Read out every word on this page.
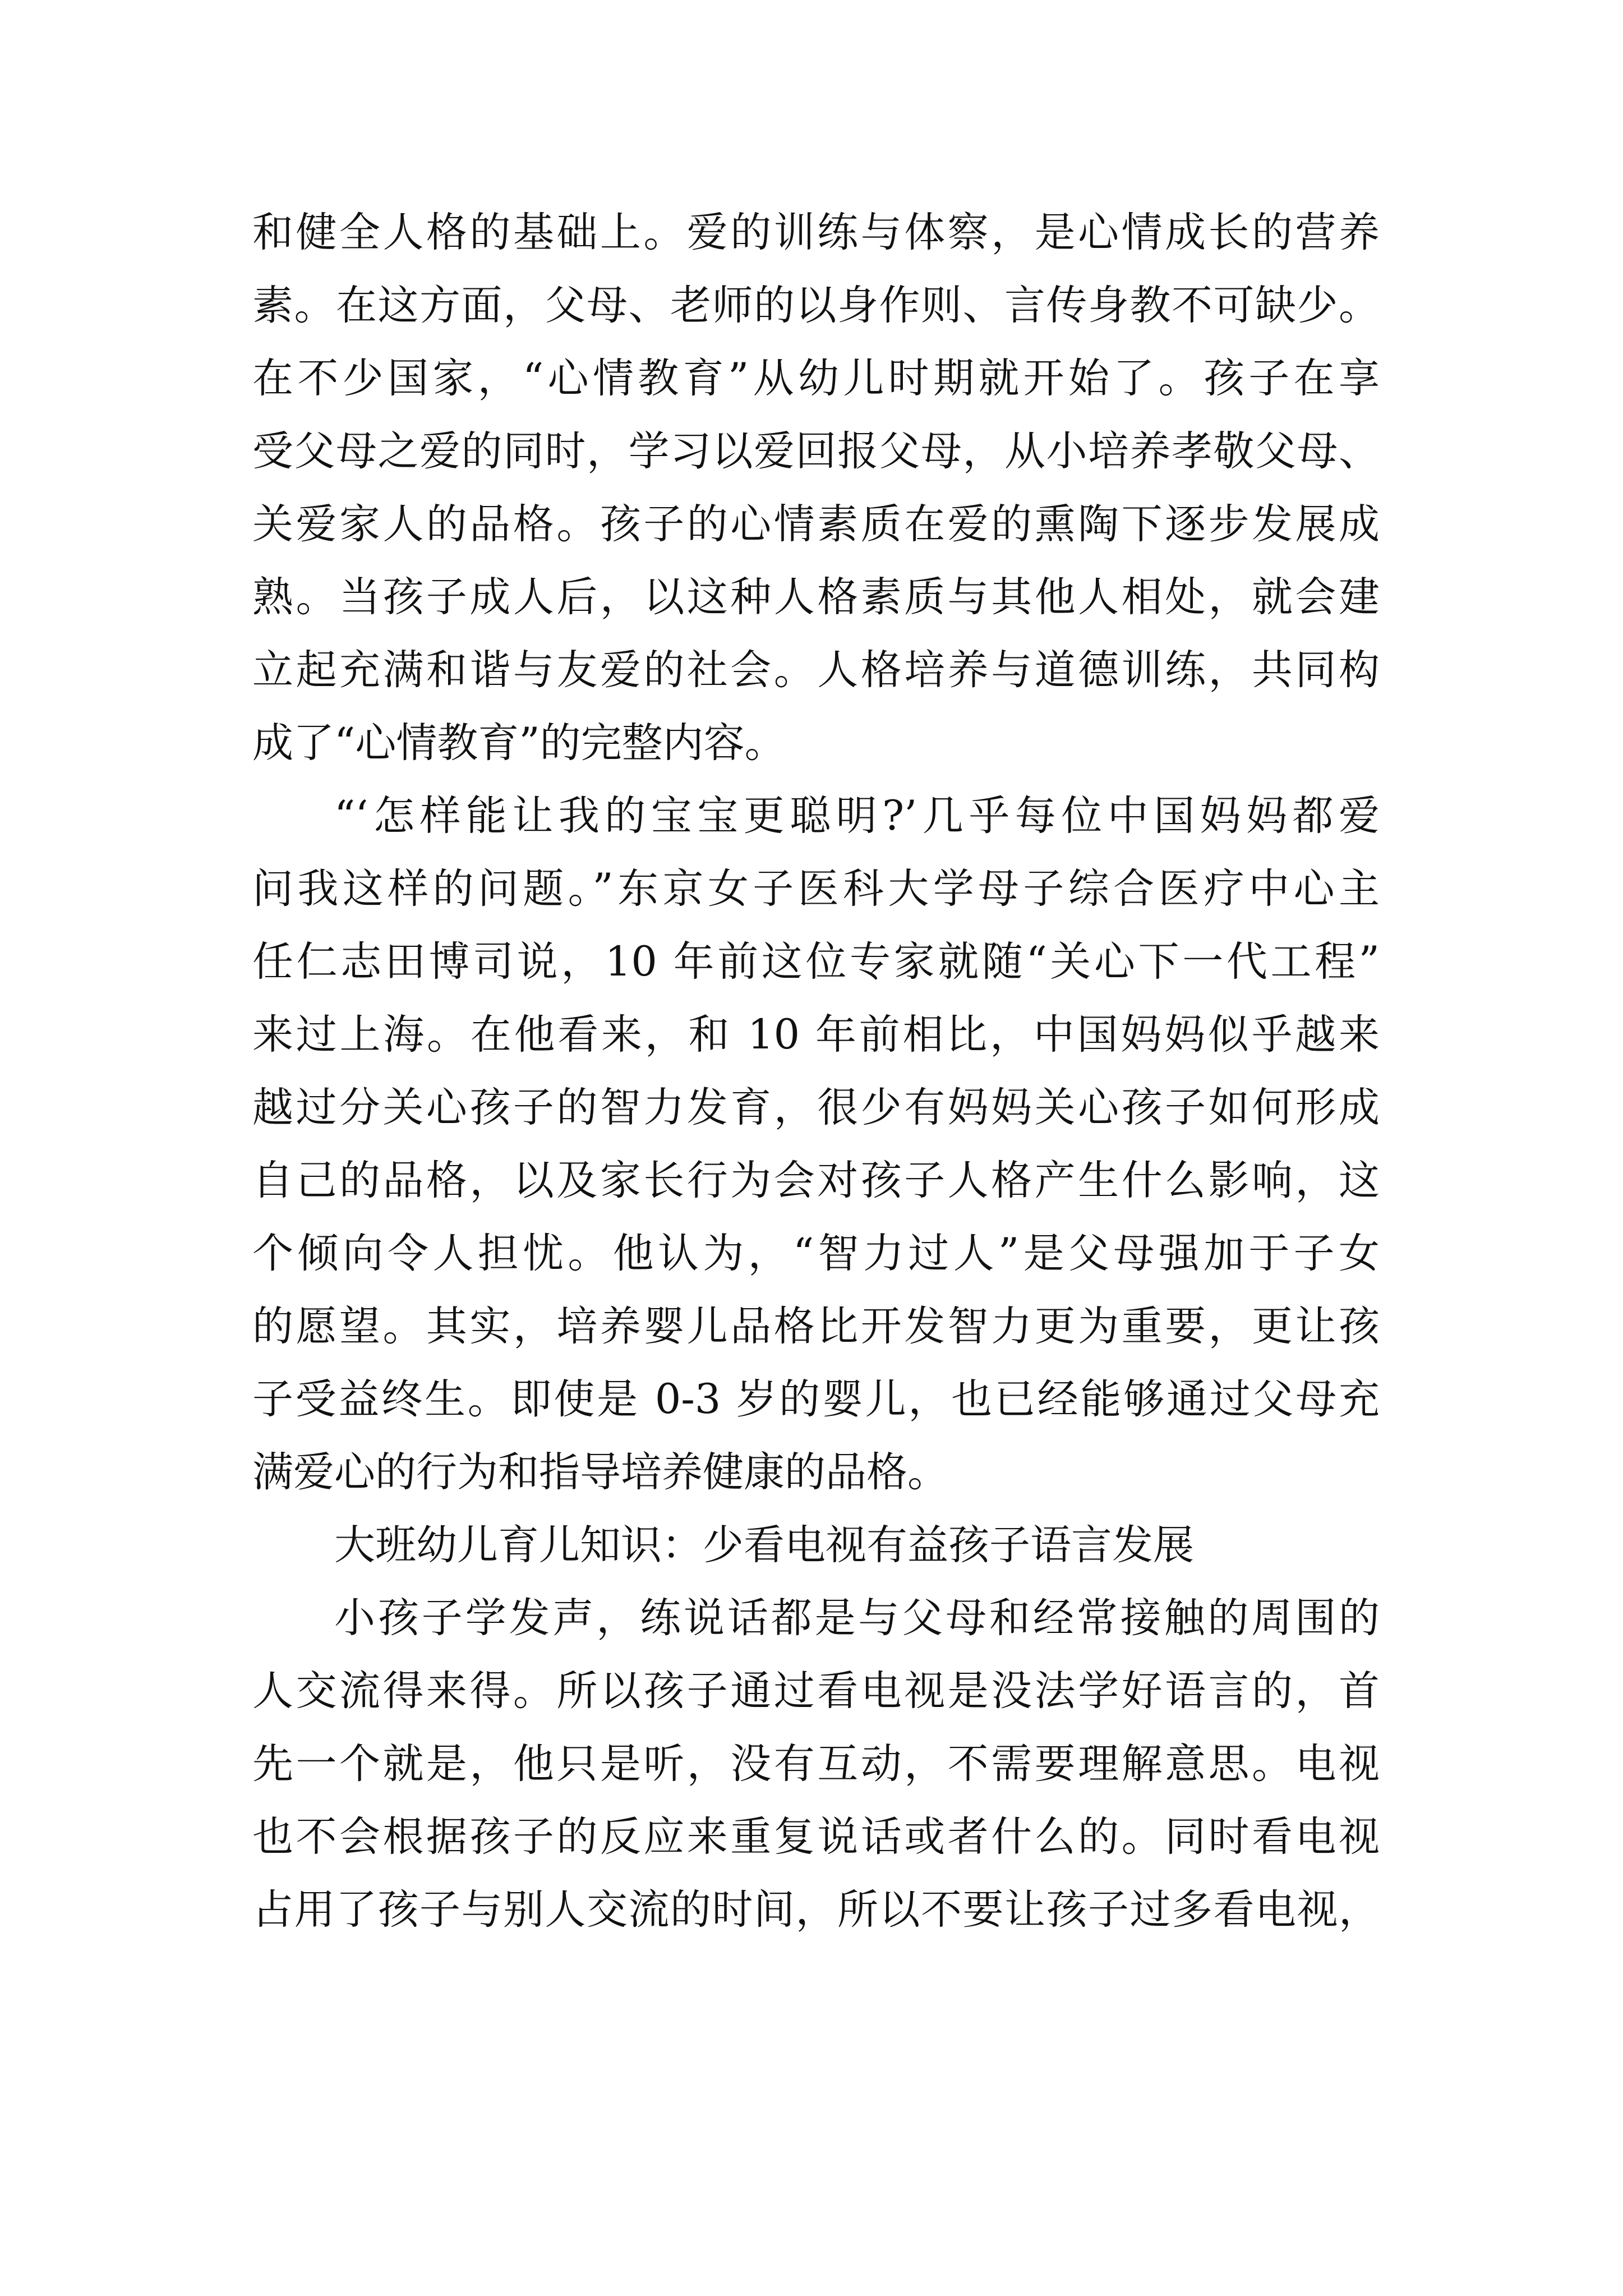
和健全人格的基础上。爱的训练与体察，是心情成长的营养
素。在这方面，父母、老师的以身作则、言传身教不可缺少。
在不少国家，“心情教育”从幼儿时期就开始了。孩子在享
受父母之爱的同时，学习以爱回报父母，从小培养孝敬父母、
关爱家人的品格。孩子的心情素质在爱的熏陶下逐步发展成
熟。当孩子成人后，以这种人格素质与其他人相处，就会建
立起充满和谐与友爱的社会。人格培养与道德训练，共同构
成了“心情教育”的完整内容。
“‘怎样能让我的宝宝更聪明?’几乎每位中国妈妈都爱
问我这样的问题。”东京女子医科大学母子综合医疗中心主
任仁志田博司说，10 年前这位专家就随“关心下一代工程”
来过上海。在他看来，和 10 年前相比，中国妈妈似乎越来
越过分关心孩子的智力发育，很少有妈妈关心孩子如何形成
自己的品格，以及家长行为会对孩子人格产生什么影响，这
个倾向令人担忧。他认为，“智力过人”是父母强加于子女
的愿望。其实，培养婴儿品格比开发智力更为重要，更让孩
子受益终生。即使是 0-3 岁的婴儿，也已经能够通过父母充
满爱心的行为和指导培养健康的品格。
大班幼儿育儿知识：少看电视有益孩子语言发展
小孩子学发声，练说话都是与父母和经常接触的周围的
人交流得来得。所以孩子通过看电视是没法学好语言的，首
先一个就是，他只是听，没有互动，不需要理解意思。电视
也不会根据孩子的反应来重复说话或者什么的。同时看电视
占用了孩子与别人交流的时间，所以不要让孩子过多看电视，
